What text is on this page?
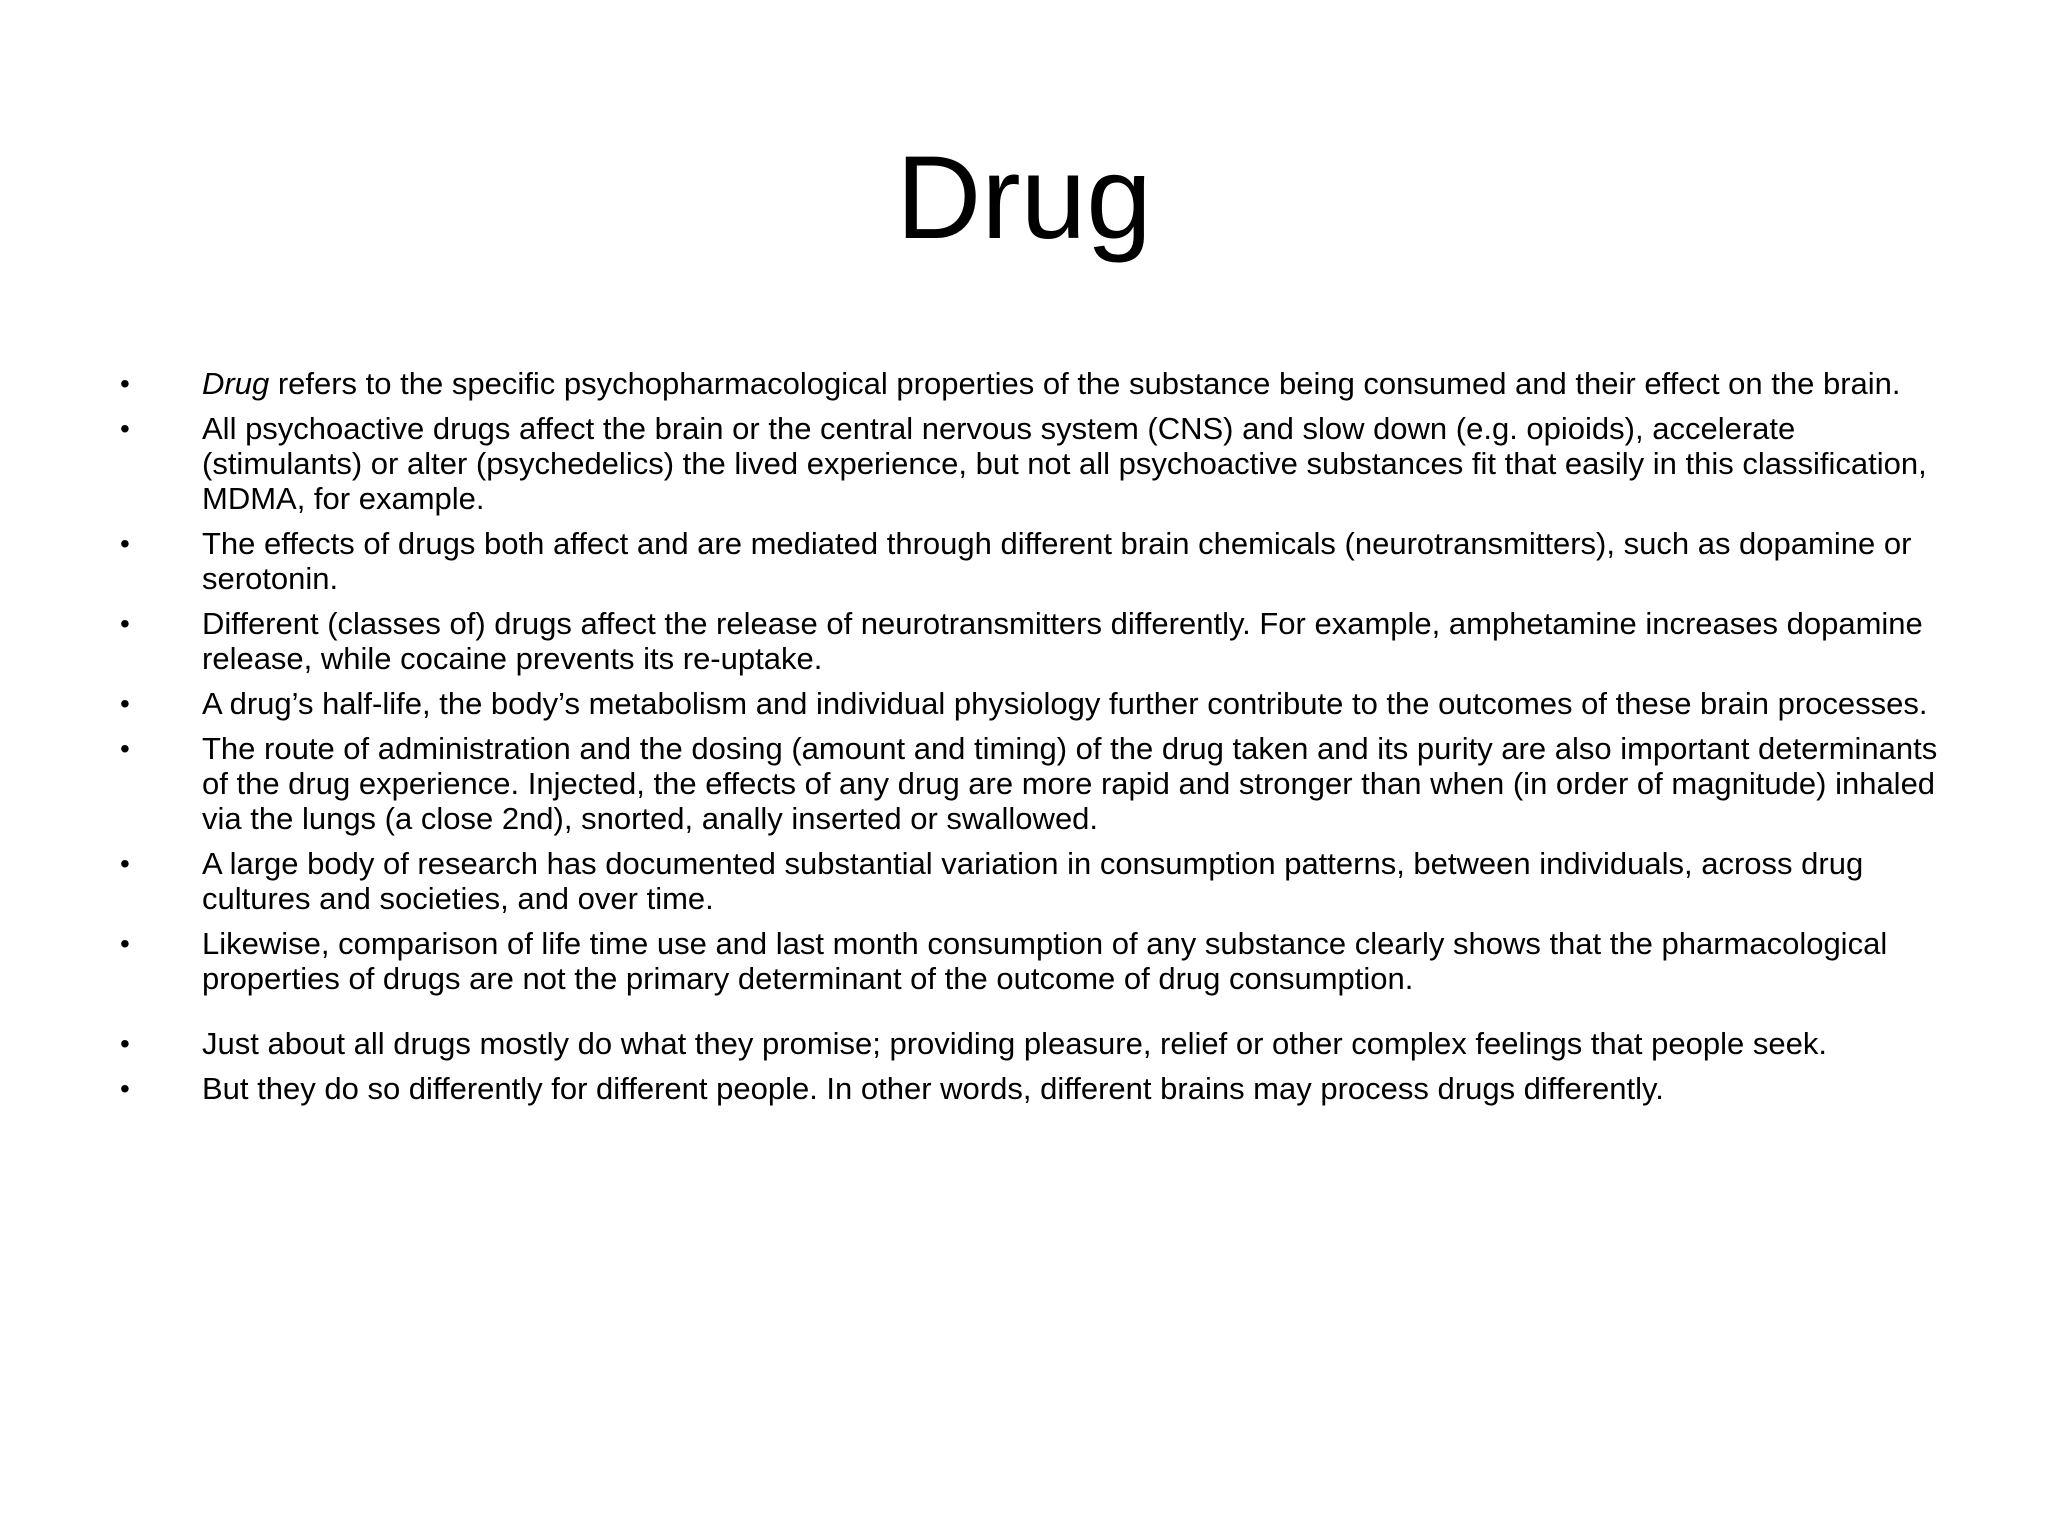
Drug
•	Drug refers to the specific psychopharmacological properties of the substance being consumed and their effect on the brain.
•	All psychoactive drugs affect the brain or the central nervous system (CNS) and slow down (e.g. opioids), accelerate (stimulants) or alter (psychedelics) the lived experience, but not all psychoactive substances fit that easily in this classification, MDMA, for example.
•	The effects of drugs both affect and are mediated through different brain chemicals (neurotransmitters), such as dopamine or serotonin.
•	Different (classes of) drugs affect the release of neurotransmitters differently. For example, amphetamine increases dopamine release, while cocaine prevents its re-uptake.
•	A drug’s half-life, the body’s metabolism and individual physiology further contribute to the outcomes of these brain processes.
•	The route of administration and the dosing (amount and timing) of the drug taken and its purity are also important determinants of the drug experience. Injected, the effects of any drug are more rapid and stronger than when (in order of magnitude) inhaled via the lungs (a close 2nd), snorted, anally inserted or swallowed.
•	A large body of research has documented substantial variation in consumption patterns, between individuals, across drug cultures and societies, and over time.
•	Likewise, comparison of life time use and last month consumption of any substance clearly shows that the pharmacological properties of drugs are not the primary determinant of the outcome of drug consumption.
•	Just about all drugs mostly do what they promise; providing pleasure, relief or other complex feelings that people seek.
•	But they do so differently for different people. In other words, different brains may process drugs differently.
